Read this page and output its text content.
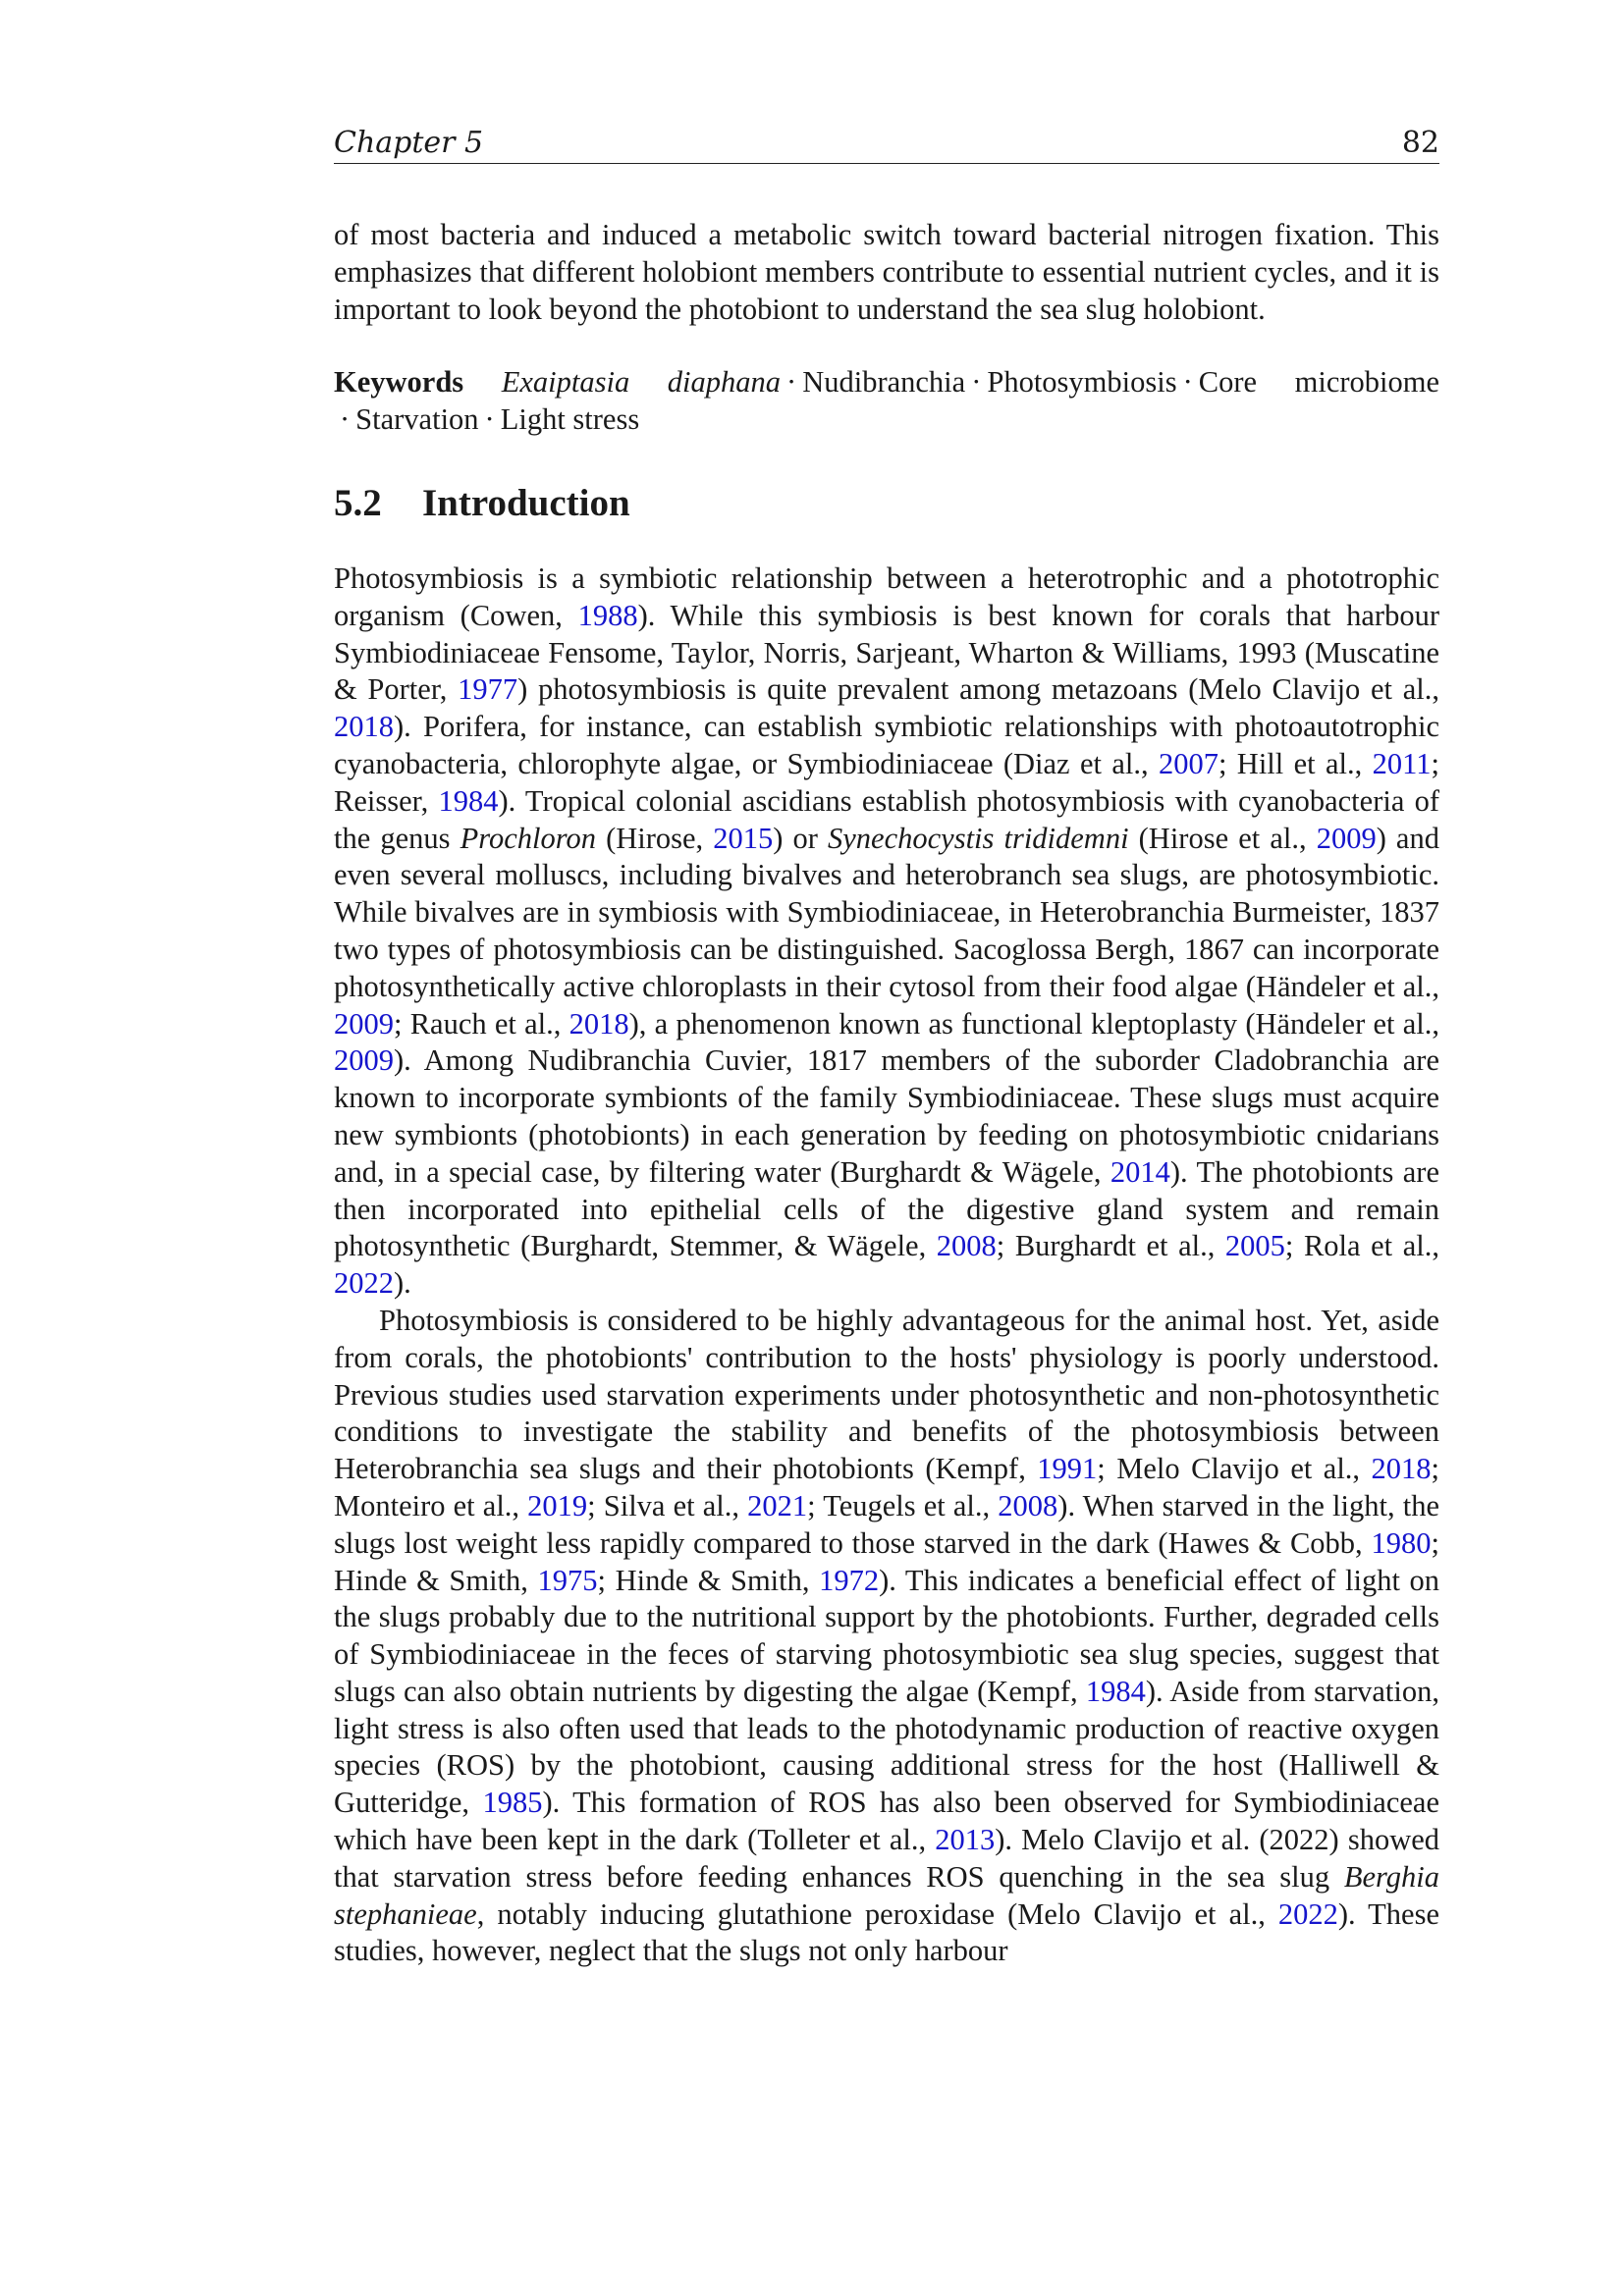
Chapter 5	82

of most bacteria and induced a metabolic switch toward bacterial nitrogen fixation. This emphasizes that different holobiont members contribute to essential nutrient cycles, and it is important to look beyond the photobiont to understand the sea slug holobiont.

Keywords Exaiptasia diaphana · Nudibranchia · Photosymbiosis · Core microbiome · Starvation · Light stress

5.2 Introduction

Photosymbiosis is a symbiotic relationship between a heterotrophic and a phototrophic organism (Cowen, 1988). While this symbiosis is best known for corals that harbour Symbiodiniaceae Fensome, Taylor, Norris, Sarjeant, Wharton & Williams, 1993 (Muscatine & Porter, 1977) photosymbiosis is quite prevalent among metazoans (Melo Clavijo et al., 2018). Porifera, for instance, can establish symbiotic relationships with photoautotrophic cyanobacteria, chlorophyte algae, or Symbiodiniaceae (Diaz et al., 2007; Hill et al., 2011; Reisser, 1984). Tropical colonial ascidians establish photosymbiosis with cyanobacteria of the genus Prochloron (Hirose, 2015) or Synechocystis trididemni (Hirose et al., 2009) and even several molluscs, including bivalves and heterobranch sea slugs, are photosymbiotic. While bivalves are in symbiosis with Symbiodiniaceae, in Heterobranchia Burmeister, 1837 two types of photosymbiosis can be distinguished. Sacoglossa Bergh, 1867 can incorporate photosynthetically active chloroplasts in their cytosol from their food algae (Händeler et al., 2009; Rauch et al., 2018), a phenomenon known as functional kleptoplasty (Händeler et al., 2009). Among Nudibranchia Cuvier, 1817 members of the suborder Cladobranchia are known to incorporate symbionts of the family Symbiodiniaceae. These slugs must acquire new symbionts (photobionts) in each generation by feeding on photosymbiotic cnidarians and, in a special case, by filtering water (Burghardt & Wägele, 2014). The photobionts are then incorporated into epithelial cells of the digestive gland system and remain photosynthetic (Burghardt, Stemmer, & Wägele, 2008; Burghardt et al., 2005; Rola et al., 2022).

Photosymbiosis is considered to be highly advantageous for the animal host. Yet, aside from corals, the photobionts' contribution to the hosts' physiology is poorly understood. Previous studies used starvation experiments under photosynthetic and non-photosynthetic conditions to investigate the stability and benefits of the photosymbiosis between Heterobranchia sea slugs and their photobionts (Kempf, 1991; Melo Clavijo et al., 2018; Monteiro et al., 2019; Silva et al., 2021; Teugels et al., 2008). When starved in the light, the slugs lost weight less rapidly compared to those starved in the dark (Hawes & Cobb, 1980; Hinde & Smith, 1975; Hinde & Smith, 1972). This indicates a beneficial effect of light on the slugs probably due to the nutritional support by the photobionts. Further, degraded cells of Symbiodiniaceae in the feces of starving photosymbiotic sea slug species, suggest that slugs can also obtain nutrients by digesting the algae (Kempf, 1984). Aside from starvation, light stress is also often used that leads to the photodynamic production of reactive oxygen species (ROS) by the photobiont, causing additional stress for the host (Halliwell & Gutteridge, 1985). This formation of ROS has also been observed for Symbiodiniaceae which have been kept in the dark (Tolleter et al., 2013). Melo Clavijo et al. (2022) showed that starvation stress before feeding enhances ROS quenching in the sea slug Berghia stephanieae, notably inducing glutathione peroxidase (Melo Clavijo et al., 2022). These studies, however, neglect that the slugs not only harbour
